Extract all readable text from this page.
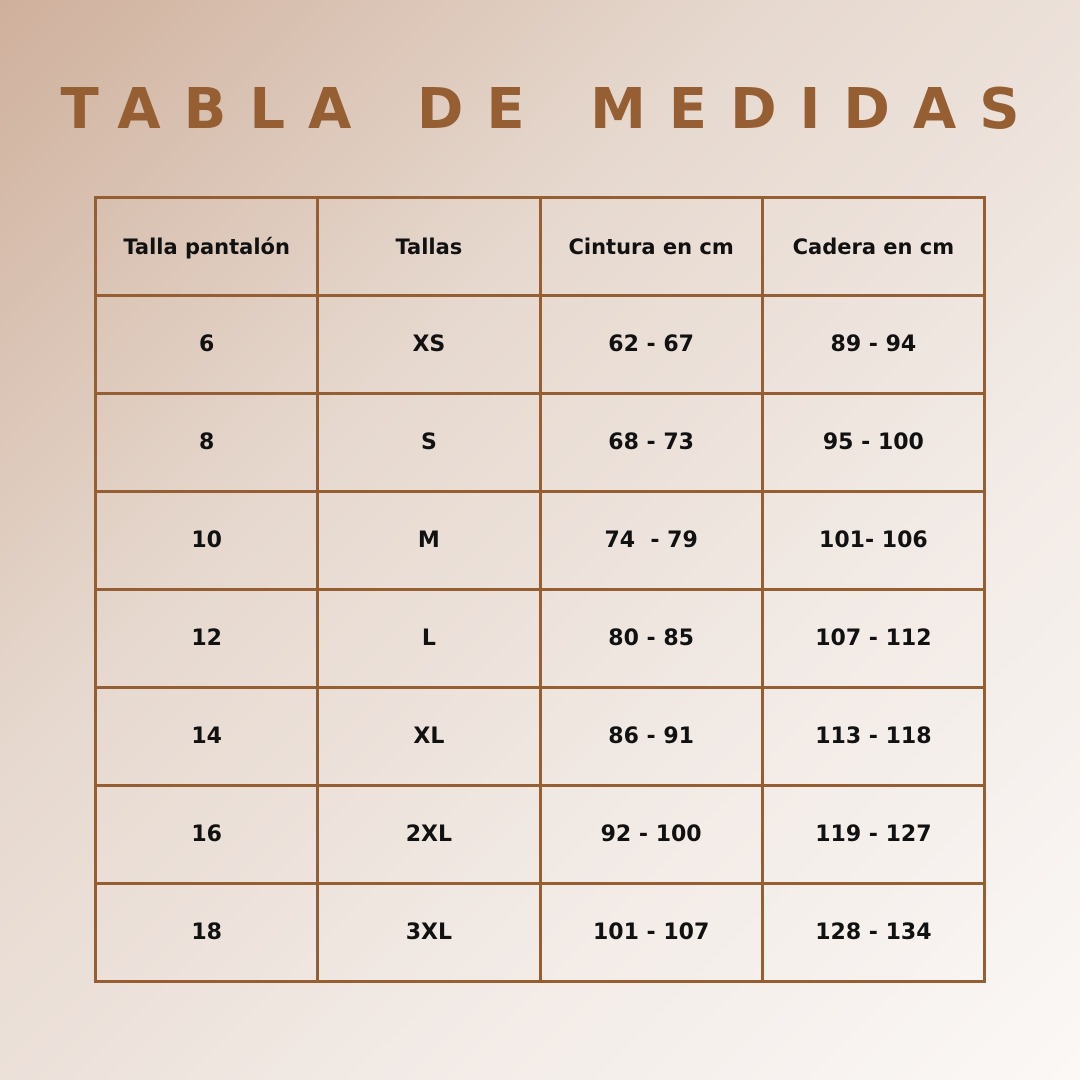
TABLA DE MEDIDAS
Talla pantalón	Tallas	Cintura en cm	Cadera en cm
6	XS	62 - 67	89 - 94
8	S	68 - 73	95 - 100
10	M	74  - 79	101- 106
12	L	80 - 85	107 - 112
14	XL	86 - 91	113 - 118
16	2XL	92 - 100	119 - 127
18	3XL	101 - 107	128 - 134
